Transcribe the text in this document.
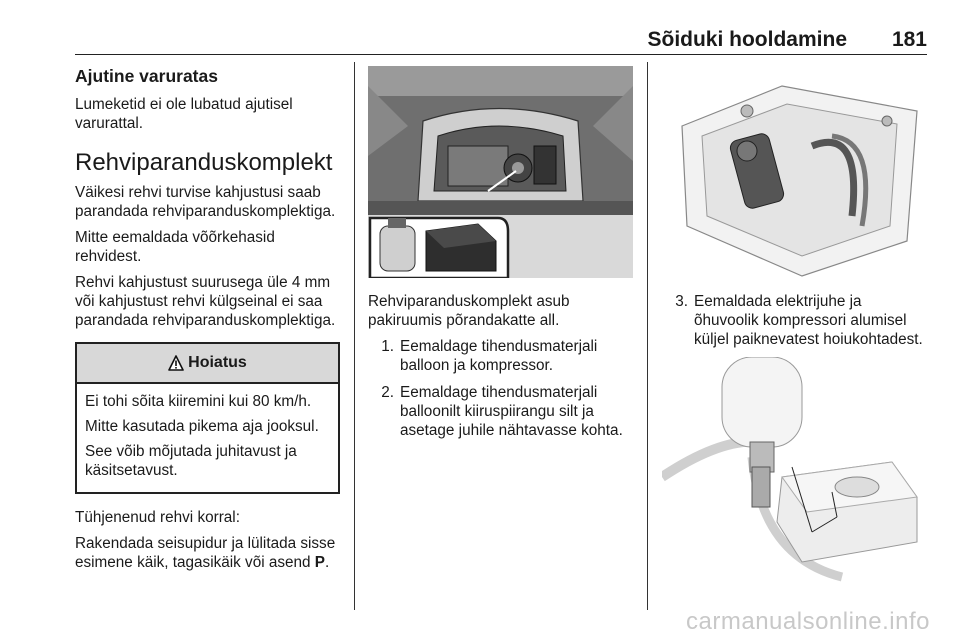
Sõiduki hooldamine 181
Ajutine varuratas

Lumeketid ei ole lubatud ajutisel varurattal.

Rehviparanduskomplekt

Väikesi rehvi turvise kahjustusi saab parandada rehviparanduskomplektiga.

Mitte eemaldada võõrkehasid rehvidest.

Rehvi kahjustust suurusega üle 4 mm või kahjustust rehvi külgseinal ei saa parandada rehviparanduskomplektiga.

Hoiatus

Ei tohi sõita kiiremini kui 80 km/h.

Mitte kasutada pikema aja jooksul.

See võib mõjutada juhitavust ja käsitsetavust.

Tühjenenud rehvi korral:

Rakendada seisupidur ja lülitada sisse esimene käik, tagasikäik või asend P.

Rehviparanduskomplekt asub pakiruumis põrandakatte all.

1. Eemaldage tihendusmaterjali balloon ja kompressor.
2. Eemaldage tihendusmaterjali balloonilt kiiruspiirangu silt ja asetage juhile nähtavasse kohta.
3. Eemaldada elektrijuhe ja õhuvoolik kompressori alumisel küljel paiknevatest hoiukohtadest.
carmanualsonline.info
